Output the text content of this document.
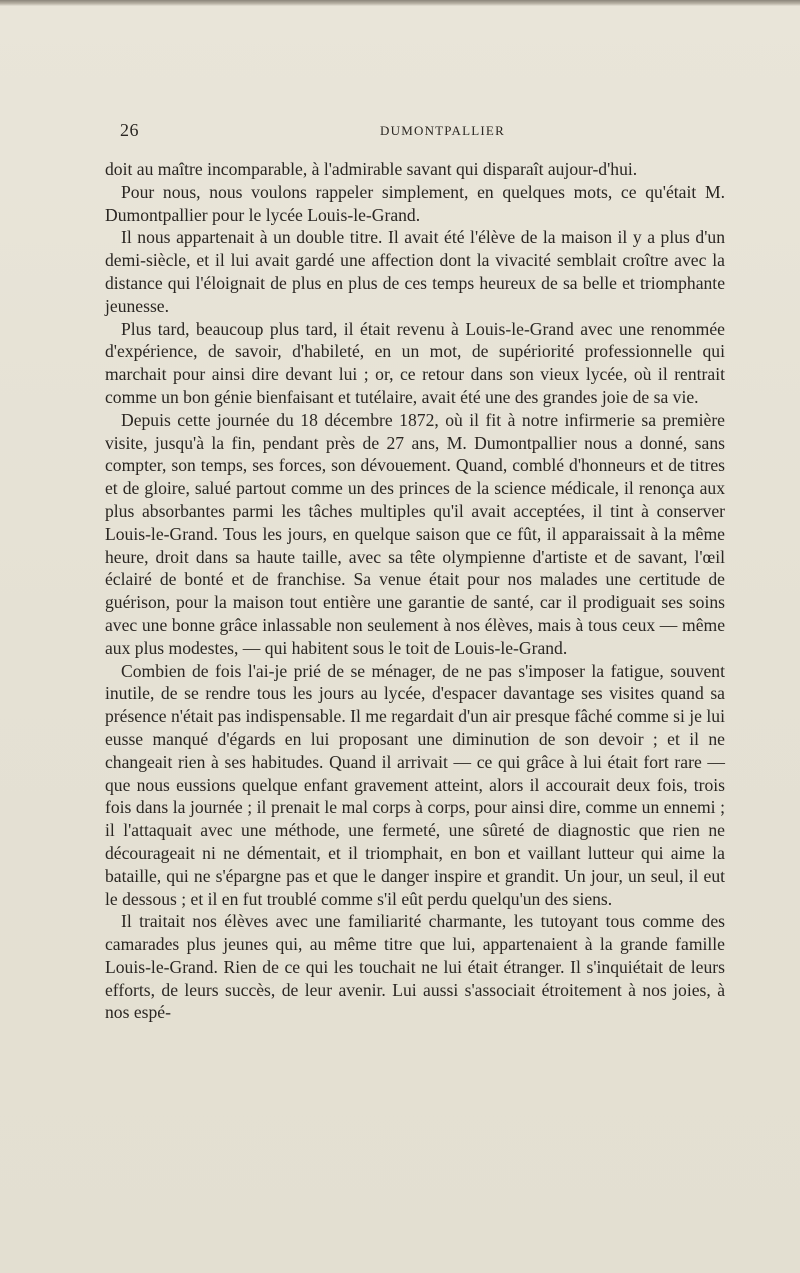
26	DUMONTPALLIER

doit au maître incomparable, à l'admirable savant qui disparaît aujour-d'hui.

Pour nous, nous voulons rappeler simplement, en quelques mots, ce qu'était M. Dumontpallier pour le lycée Louis-le-Grand.

Il nous appartenait à un double titre. Il avait été l'élève de la maison il y a plus d'un demi-siècle, et il lui avait gardé une affection dont la vivacité semblait croître avec la distance qui l'éloignait de plus en plus de ces temps heureux de sa belle et triomphante jeunesse.

Plus tard, beaucoup plus tard, il était revenu à Louis-le-Grand avec une renommée d'expérience, de savoir, d'habileté, en un mot, de supériorité professionnelle qui marchait pour ainsi dire devant lui ; or, ce retour dans son vieux lycée, où il rentrait comme un bon génie bienfaisant et tutélaire, avait été une des grandes joie de sa vie.

Depuis cette journée du 18 décembre 1872, où il fit à notre infirmerie sa première visite, jusqu'à la fin, pendant près de 27 ans, M. Dumontpallier nous a donné, sans compter, son temps, ses forces, son dévouement. Quand, comblé d'honneurs et de titres et de gloire, salué partout comme un des princes de la science médicale, il renonça aux plus absorbantes parmi les tâches multiples qu'il avait acceptées, il tint à conserver Louis-le-Grand. Tous les jours, en quelque saison que ce fût, il apparaissait à la même heure, droit dans sa haute taille, avec sa tête olympienne d'artiste et de savant, l'œil éclairé de bonté et de franchise. Sa venue était pour nos malades une certitude de guérison, pour la maison tout entière une garantie de santé, car il prodiguait ses soins avec une bonne grâce inlassable non seulement à nos élèves, mais à tous ceux — même aux plus modestes, — qui habitent sous le toit de Louis-le-Grand.

Combien de fois l'ai-je prié de se ménager, de ne pas s'imposer la fatigue, souvent inutile, de se rendre tous les jours au lycée, d'espacer davantage ses visites quand sa présence n'était pas indispensable. Il me regardait d'un air presque fâché comme si je lui eusse manqué d'égards en lui proposant une diminution de son devoir ; et il ne changeait rien à ses habitudes. Quand il arrivait — ce qui grâce à lui était fort rare — que nous eussions quelque enfant gravement atteint, alors il accourait deux fois, trois fois dans la journée ; il prenait le mal corps à corps, pour ainsi dire, comme un ennemi ; il l'attaquait avec une méthode, une fermeté, une sûreté de diagnostic que rien ne décourageait ni ne démentait, et il triomphait, en bon et vaillant lutteur qui aime la bataille, qui ne s'épargne pas et que le danger inspire et grandit. Un jour, un seul, il eut le dessous ; et il en fut troublé comme s'il eût perdu quelqu'un des siens.

Il traitait nos élèves avec une familiarité charmante, les tutoyant tous comme des camarades plus jeunes qui, au même titre que lui, appartenaient à la grande famille Louis-le-Grand. Rien de ce qui les touchait ne lui était étranger. Il s'inquiétait de leurs efforts, de leurs succès, de leur avenir. Lui aussi s'associait étroitement à nos joies, à nos espé-
